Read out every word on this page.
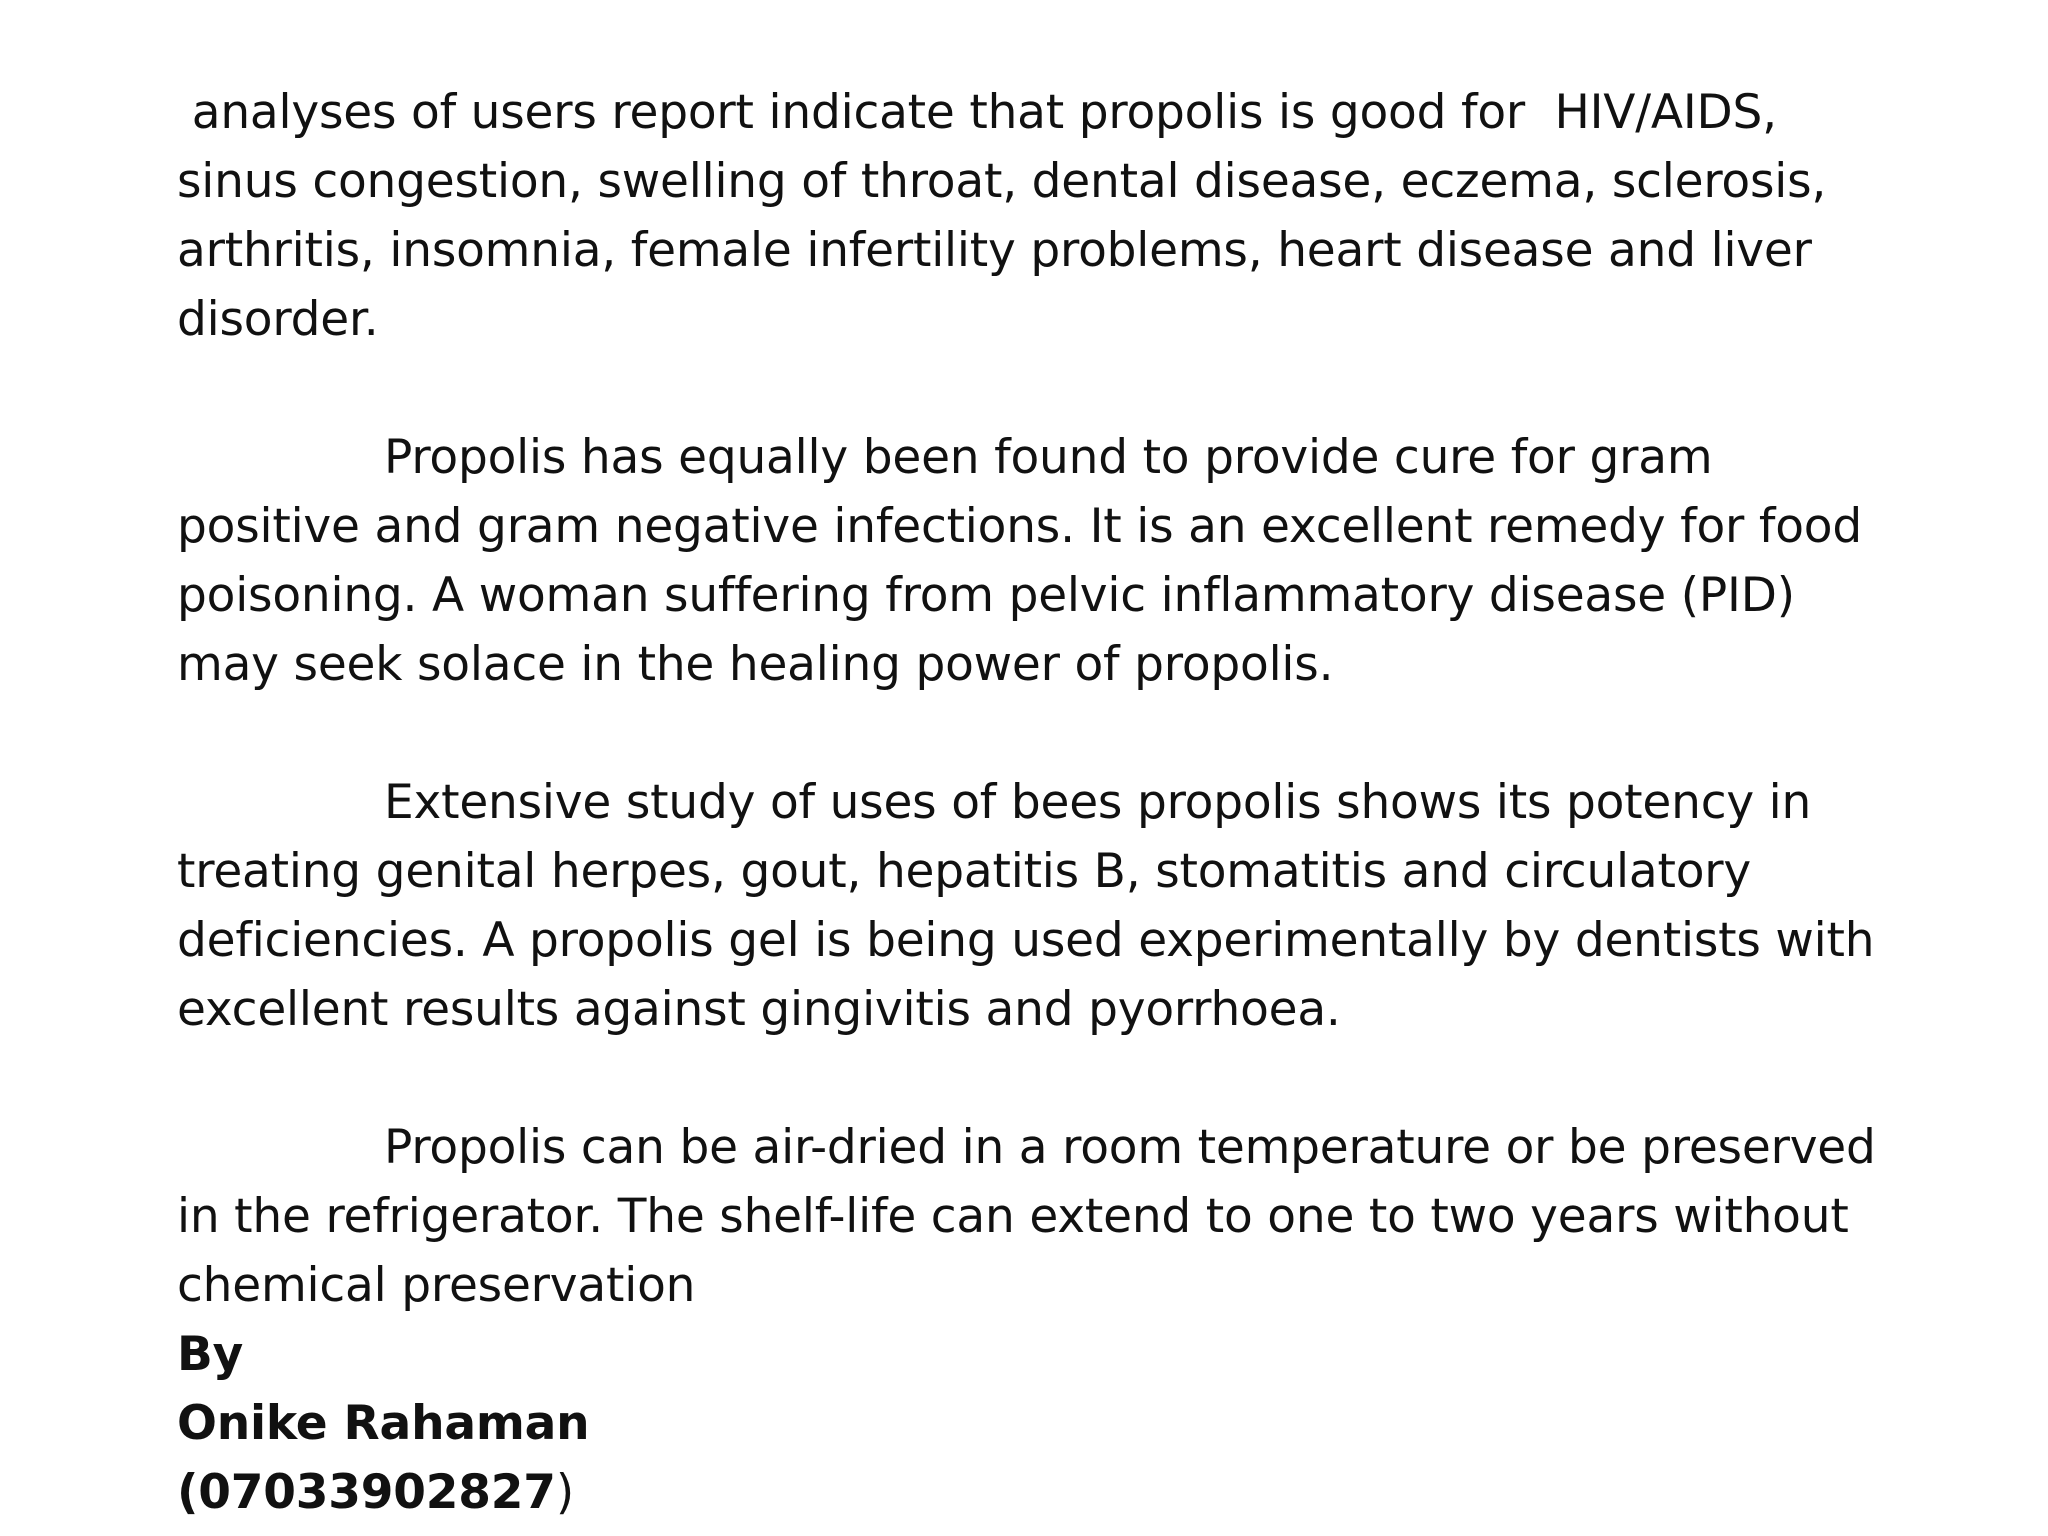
analyses of users report indicate that propolis is good for  HIV/AIDS,
sinus congestion, swelling of throat, dental disease, eczema, sclerosis,
arthritis, insomnia, female infertility problems, heart disease and liver
disorder.

Propolis has equally been found to provide cure for gram
positive and gram negative infections. It is an excellent remedy for food
poisoning. A woman suffering from pelvic inflammatory disease (PID)
may seek solace in the healing power of propolis.

Extensive study of uses of bees propolis shows its potency in
treating genital herpes, gout, hepatitis B, stomatitis and circulatory
deficiencies. A propolis gel is being used experimentally by dentists with
excellent results against gingivitis and pyorrhoea.

Propolis can be air-dried in a room temperature or be preserved
in the refrigerator. The shelf-life can extend to one to two years without
chemical preservation

By
Onike Rahaman
(07033902827)
